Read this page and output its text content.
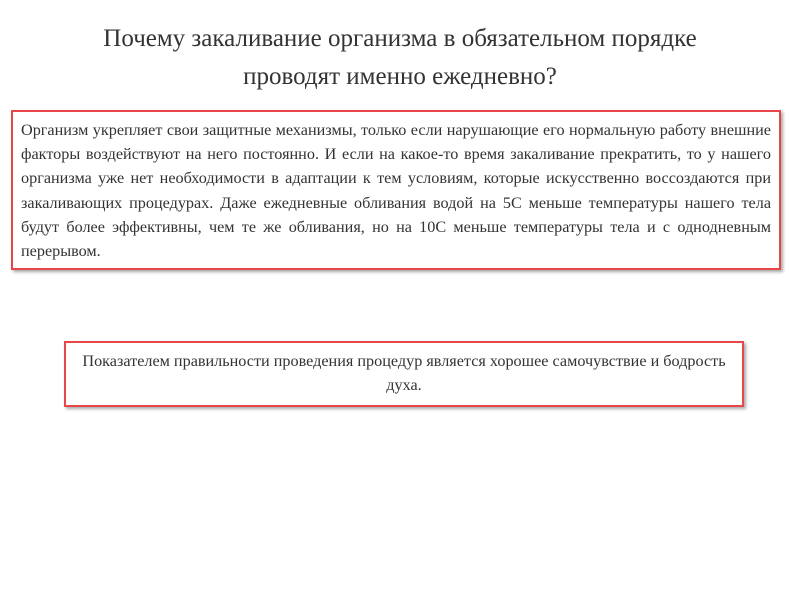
Почему закаливание организма в обязательном порядке
проводят именно ежедневно?

Организм укрепляет свои защитные механизмы, только если нарушающие его нормальную работу внешние факторы воздействуют на него постоянно. И если на какое-то время закаливание прекратить, то у нашего организма уже нет необходимости в адаптации к тем условиям, которые искусственно воссоздаются при закаливающих процедурах. Даже ежедневные обливания водой на 5С меньше температуры нашего тела будут более эффективны, чем те же обливания, но на 10С меньше температуры тела и с однодневным перерывом.

Показателем правильности проведения процедур является хорошее самочувствие и бодрость духа.
